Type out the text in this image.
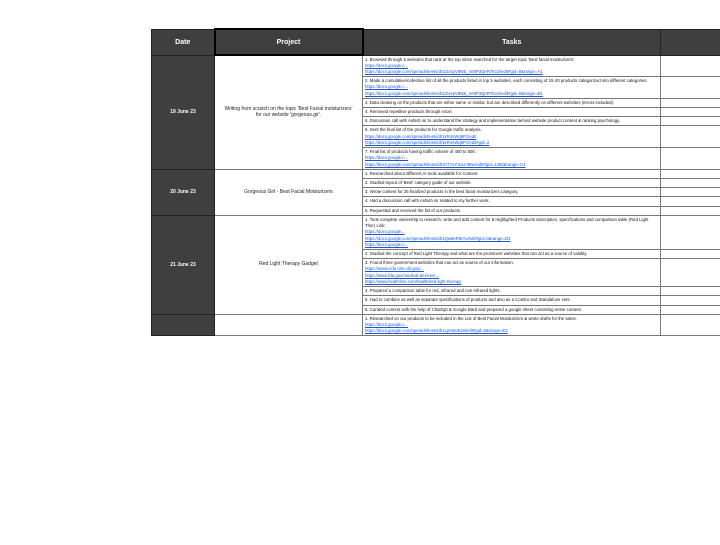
Date	Project	Tasks	
19 June 23	Writing from scratch on the topic 'Best Facial moisturizers' for our website 'gorgeous.gir'.	1. Browsed through 5 websites that rank at the top when searched for the target topic 'Best facial moisturizers'.
https://docs.google.c...
https://docs.google.com/spreadsheets/d/1lZx4pV8NB_m9tP3QeR7kU2/edit#gid=0&range=A1	

		2. Made a cumulative/collective list of all the products listed in top 5 websites, each consisting of 15-20 products categorized into different categories.
https://docs.google.c...
https://docs.google.com/spreadsheets/d/1lZx4pV8NB_m9tP3QeR7kU2/edit#gid=0&range=B1	

		3. Data cleaning on the products that are either same or similar, but are described differently on different websites (errors included).	
		4. Removed repetitive products through excel.	
		5. Discussion call with Ashish sir to understand the strategy and implementation behind website product content & ranking psychology.	
		6. Sent the final list of the products for Google traffic analysis.
https://docs.google.com/spreadsheets/d/1kR4sWq9Pz/edit
https://docs.google.com/spreadsheets/d/1kR4sWq9Pz/edit#gid=2	

		7. Final list of products having traffic volume of 400 to 500.
https://docs.google.c...
https://docs.google.com/spreadsheets/d/1hT7uY3vLm8Nx/edit#gid=1450&range=C4	

20 June 23	Gorgeous Girl - Best Facial Moisturizers	1. Researched about different AI tools available for Content.	
		2. Studied layout of 'Best' category guide of our website.	
		3. Wrote content for 25 finalized products in the best facial moisturizers category.	
		4. Had a discussion call with Ashish sir related to my further work.	
		5. Requested and received the list of our products.	
21 June 23	Red Light Therapy Gadget	1. Took complete ownership to research, write and add content for 8 Highlighted Products description, specifications and comparison table (Red Light Ther) Link:
https://docs.google...
https://docs.google.com/spreadsheets/d/1Qw8eRt5Yu/edit#gid=0&range=D2
https://docs.google.c...	

		2. Studied the concept of Red Light Therapy and what are the prominent websites that can act as a source of validity.	
		3. Found three government websites that can act as source of our information:
https://www.ncbi.nlm.nih.gov/...
https://www.fda.gov/medical-devices/...
https://www.healthline.com/health/red-light-therapy	

		4. Prepared a comparison table for red, infrared and non-infrared lights.	
		5. Had to combine as well as separate specifications of products and also as a Combo and Standalone sets.	
		6. Curated content with the help of ChatGpt & Google Bard and prepared a google sheet consisting entire content.	
		1. Researched on our products to be included in the List of Best Facial Moisturizers & wrote drafts for the same.
https://docs.google.c...
https://docs.google.com/spreadsheets/d/1Lp0oK9iJ8/edit#gid=0&range=E3	
